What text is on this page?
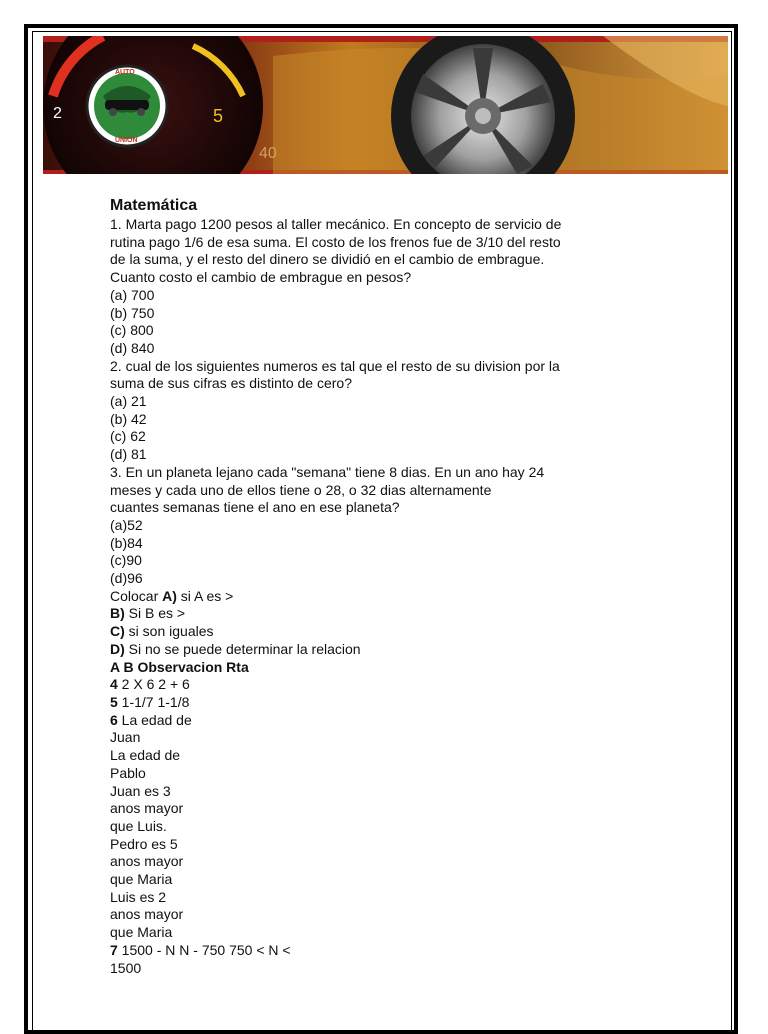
2	5
40
AUTO
UNION

Matemática

1. Marta pago 1200 pesos al taller mecánico. En concepto de servicio de

rutina pago 1/6 de esa suma. El costo de los frenos fue de 3/10 del resto

de la suma, y el resto del dinero se dividió en el cambio de embrague.

Cuanto costo el cambio de embrague en pesos?

(a) 700

(b) 750

(c) 800

(d) 840

2. cual de los siguientes numeros es tal que el resto de su division por la

suma de sus cifras es distinto de cero?

(a) 21

(b) 42

(c) 62

(d) 81

3. En un planeta lejano cada "semana" tiene 8 dias. En un ano hay 24

meses y cada uno de ellos tiene o 28, o 32 dias alternamente

cuantes semanas tiene el ano en ese planeta?

(a)52

(b)84

(c)90

(d)96

Colocar A) si A es >

B) Si B es >

C) si son iguales

D) Si no se puede determinar la relacion

A B Observacion Rta

4 2 X 6 2 + 6

5 1-1/7 1-1/8

6 La edad de

Juan

La edad de

Pablo

Juan es 3

anos mayor

que Luis.

Pedro es 5

anos mayor

que Maria

Luis es 2

anos mayor

que Maria

7 1500 - N N - 750 750 < N <

1500
